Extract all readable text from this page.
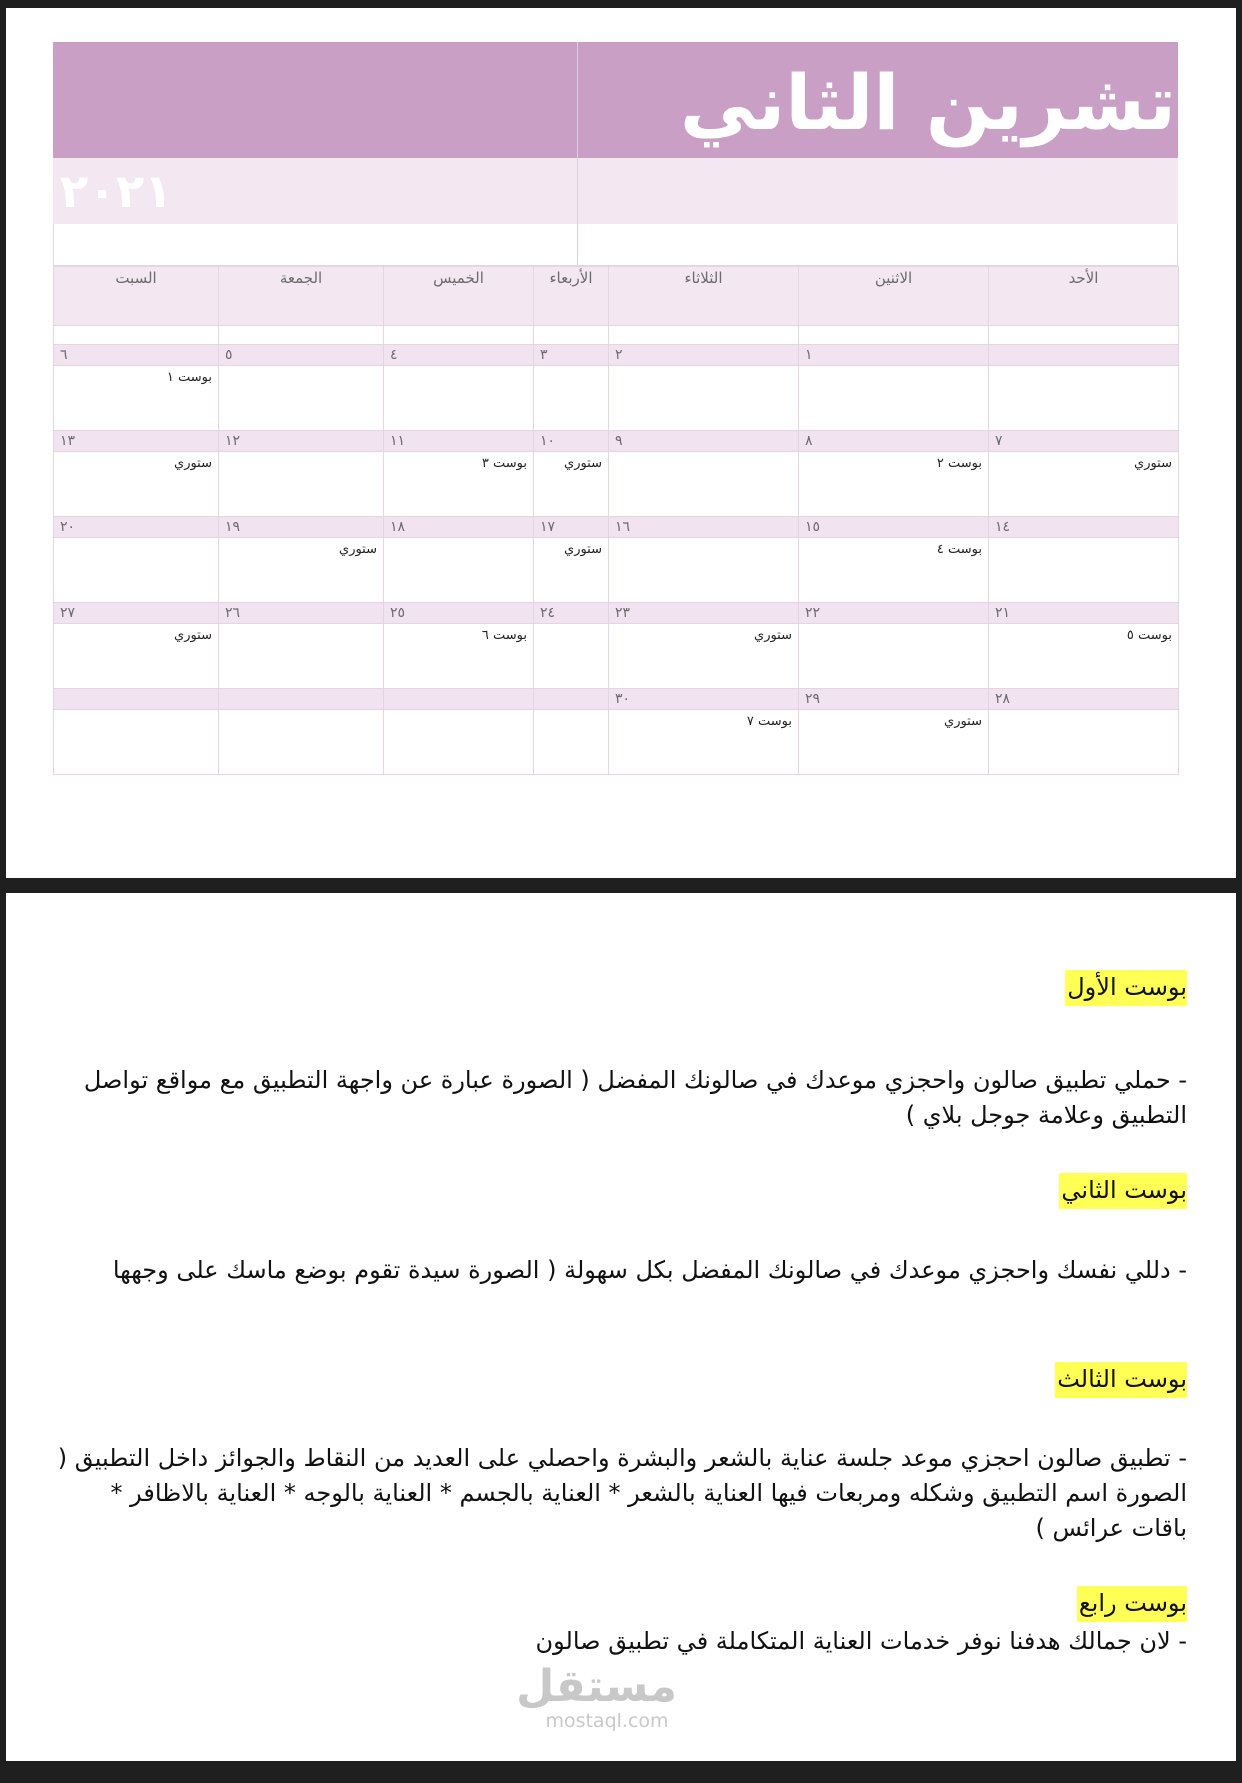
تشرين الثاني
٢٠٢١
الأحد	الاثنين	الثلاثاء	الأربعاء	الخميس	الجمعة	السبت

	١	٢	٣	٤	٥	٦
						بوست ١
٧	٨	٩	١٠	١١	١٢	١٣
ستوري	بوست ٢		ستوري	بوست ٣		ستوري
١٤	١٥	١٦	١٧	١٨	١٩	٢٠
	بوست ٤		ستوري		ستوري	
٢١	٢٢	٢٣	٢٤	٢٥	٢٦	٢٧
بوست ٥		ستوري		بوست ٦		ستوري
٢٨	٢٩	٣٠				
	ستوري	بوست ٧				
بوست الأول
- حملي تطبيق صالون واحجزي موعدك في صالونك المفضل ( الصورة عبارة عن واجهة التطبيق مع مواقع تواصل التطبيق وعلامة جوجل بلاي )
بوست الثاني
- دللي نفسك واحجزي موعدك في صالونك المفضل بكل سهولة ( الصورة سيدة تقوم بوضع ماسك على وجهها
بوست الثالث
- تطبيق صالون احجزي موعد جلسة عناية بالشعر والبشرة واحصلي على العديد من النقاط والجوائز داخل التطبيق ( الصورة اسم التطبيق وشكله ومربعات فيها العناية بالشعر * العناية بالجسم * العناية بالوجه * العناية بالاظافر * باقات عرائس )
بوست رابع
- لان جمالك هدفنا نوفر خدمات العناية المتكاملة في تطبيق صالون
مستقل
mostaql.com
